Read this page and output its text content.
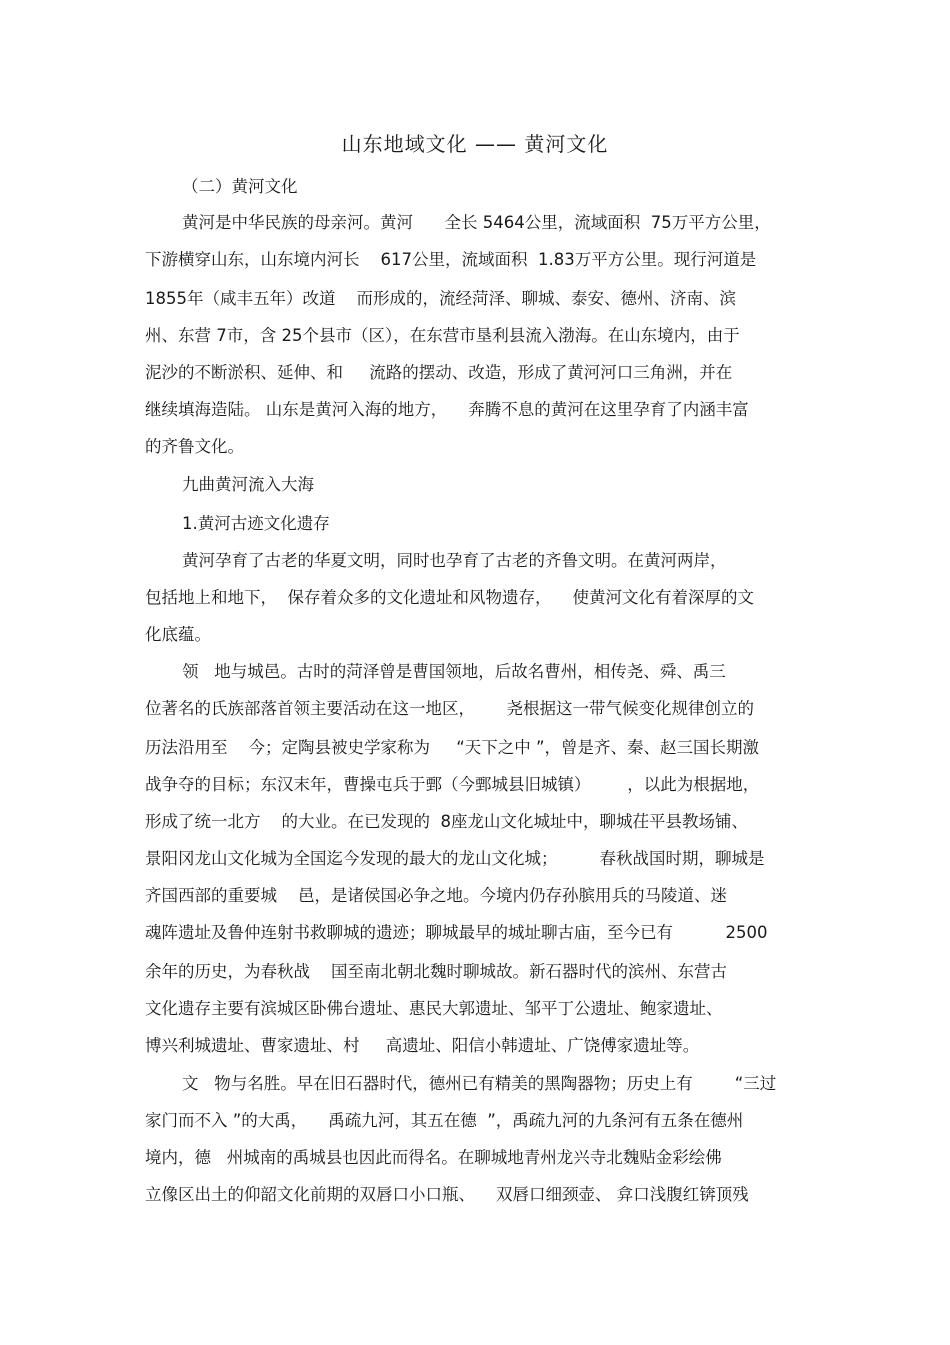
山东地域文化 —— 黄河文化
（二）黄河文化
黄河是中华民族的母亲河。黄河      全长 5464公里，流域面积  75万平方公里，
下游横穿山东，山东境内河长    617公里，流域面积  1.83万平方公里。现行河道是
1855年（咸丰五年）改道    而形成的，流经菏泽、聊城、泰安、德州、济南、滨
州、东营 7市，含 25个县市（区），在东营市垦利县流入渤海。在山东境内，由于
泥沙的不断淤积、延伸、和     流路的摆动、改造，形成了黄河河口三角洲，并在
继续填海造陆。 山东是黄河入海的地方，    奔腾不息的黄河在这里孕育了内涵丰富
的齐鲁文化。
九曲黄河流入大海
1.黄河古迹文化遗存
黄河孕育了古老的华夏文明，同时也孕育了古老的齐鲁文明。在黄河两岸，
包括地上和地下，  保存着众多的文化遗址和风物遗存，    使黄河文化有着深厚的文
化底蕴。
领   地与城邑。古时的菏泽曾是曹国领地，后故名曹州，相传尧、舜、禹三
位著名的氏族部落首领主要活动在这一地区，      尧根据这一带气候变化规律创立的
历法沿用至    今；定陶县被史学家称为     “天下之中 ”，曾是齐、秦、赵三国长期激
战争夺的目标；东汉末年，曹操屯兵于鄄（今鄄城县旧城镇）       ，以此为根据地，
形成了统一北方    的大业。在已发现的  8座龙山文化城址中，聊城茌平县教场铺、
景阳冈龙山文化城为全国迄今发现的最大的龙山文化城；        春秋战国时期，聊城是
齐国西部的重要城    邑，是诸侯国必争之地。今境内仍存孙膑用兵的马陵道、迷
魂阵遗址及鲁仲连射书救聊城的遗迹；聊城最早的城址聊古庙，至今已有          2500
余年的历史，为春秋战    国至南北朝北魏时聊城故。新石器时代的滨州、东营古
文化遗存主要有滨城区卧佛台遗址、惠民大郭遗址、邹平丁公遗址、鲍家遗址、
博兴利城遗址、曹家遗址、村     高遗址、阳信小韩遗址、广饶傅家遗址等。
文   物与名胜。早在旧石器时代，德州已有精美的黑陶器物；历史上有        “三过
家门而不入 ”的大禹，    禹疏九河，其五在德  ”，禹疏九河的九条河有五条在德州
境内，德   州城南的禹城县也因此而得名。在聊城地青州龙兴寺北魏贴金彩绘佛
立像区出土的仰韶文化前期的双唇口小口瓶、    双唇口细颈壶、 弇口浅腹红锛顶残
